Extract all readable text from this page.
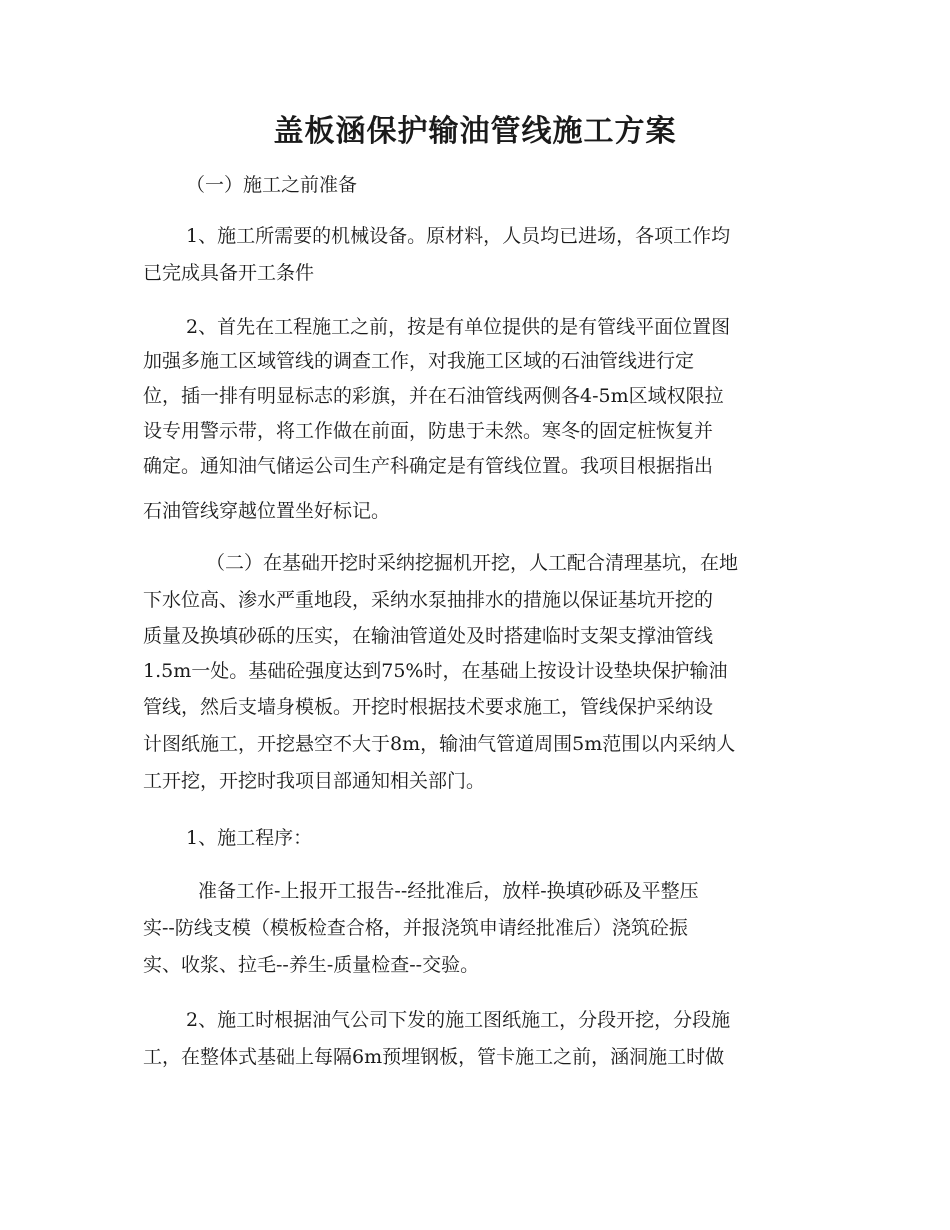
盖板涵保护输油管线施工方案
（一）施工之前准备
1、施工所需要的机械设备。原材料，人员均已进场，各项工作均
已完成具备开工条件
2、首先在工程施工之前，按是有单位提供的是有管线平面位置图
加强多施工区域管线的调查工作，对我施工区域的石油管线进行定
位，插一排有明显标志的彩旗，并在石油管线两侧各4-5m区域权限拉
设专用警示带，将工作做在前面，防患于未然。寒冬的固定桩恢复并
确定。通知油气储运公司生产科确定是有管线位置。我项目根据指出
石油管线穿越位置坐好标记。
（二）在基础开挖时采纳挖掘机开挖，人工配合清理基坑，在地
下水位高、渗水严重地段，采纳水泵抽排水的措施以保证基坑开挖的
质量及换填砂砾的压实，在输油管道处及时搭建临时支架支撑油管线
1.5m一处。基础砼强度达到75%时，在基础上按设计设垫块保护输油
管线，然后支墙身模板。开挖时根据技术要求施工，管线保护采纳设
计图纸施工，开挖悬空不大于8m，输油气管道周围5m范围以内采纳人
工开挖，开挖时我项目部通知相关部门。
1、施工程序：
准备工作-上报开工报告--经批准后，放样-换填砂砾及平整压
实--防线支模（模板检查合格，并报浇筑申请经批准后）浇筑砼振
实、收浆、拉毛--养生-质量检查--交验。
2、施工时根据油气公司下发的施工图纸施工，分段开挖，分段施
工，在整体式基础上每隔6m预埋钢板，管卡施工之前，涵洞施工时做
